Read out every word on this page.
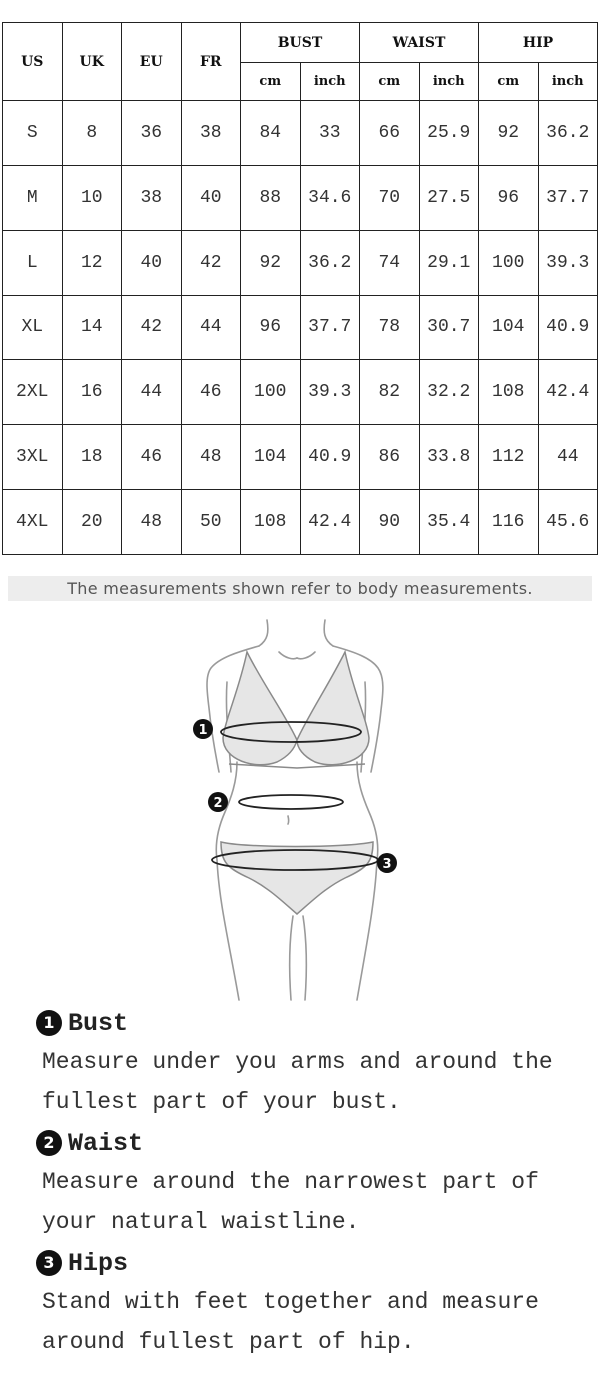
US	UK	EU	FR	BUST		WAIST		HIP	
				cm	inch	cm	inch	cm	inch
S	8	36	38	84	33	66	25.9	92	36.2
M	10	38	40	88	34.6	70	27.5	96	37.7
L	12	40	42	92	36.2	74	29.1	100	39.3
XL	14	42	44	96	37.7	78	30.7	104	40.9
2XL	16	44	46	100	39.3	82	32.2	108	42.4
3XL	18	46	48	104	40.9	86	33.8	112	44
4XL	20	48	50	108	42.4	90	35.4	116	45.6
The measurements shown refer to body measurements.
1
2
3
1 Bust
Measure under you arms and around the fullest part of your bust.
2 Waist
Measure around the narrowest part of your natural waistline.
3 Hips
Stand with feet together and measure around fullest part of hip.
